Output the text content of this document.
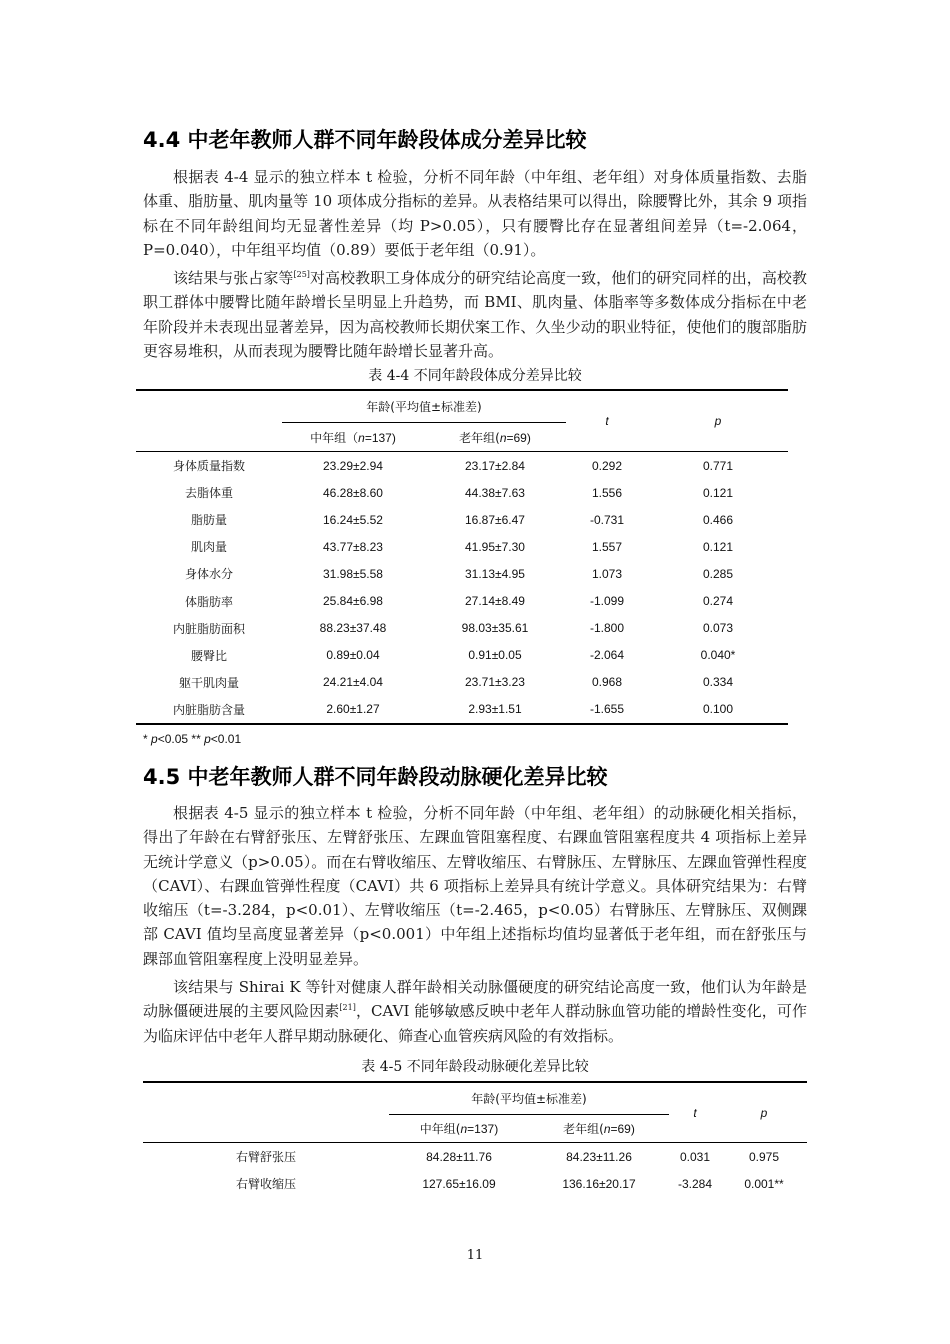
4.4 中老年教师人群不同年龄段体成分差异比较

根据表 4-4 显示的独立样本 t 检验，分析不同年龄（中年组、老年组）对身体质量指数、去脂体重、脂肪量、肌肉量等 10 项体成分指标的差异。从表格结果可以得出，除腰臀比外，其余 9 项指标在不同年龄组间均无显著性差异（均 P>0.05），只有腰臀比存在显著组间差异（t=-2.064，P=0.040），中年组平均值（0.89）要低于老年组（0.91）。

该结果与张占家等[25]对高校教职工身体成分的研究结论高度一致，他们的研究同样的出，高校教职工群体中腰臀比随年龄增长呈明显上升趋势，而 BMI、肌肉量、体脂率等多数体成分指标在中老年阶段并未表现出显著差异，因为高校教师长期伏案工作、久坐少动的职业特征，使他们的腹部脂肪更容易堆积，从而表现为腰臀比随年龄增长显著升高。

表 4-4 不同年龄段体成分差异比较

	年龄(平均值±标准差)		t	p
	中年组（n=137)	老年组(n=69)		
身体质量指数	23.29±2.94	23.17±2.84	0.292	0.771
去脂体重	46.28±8.60	44.38±7.63	1.556	0.121
脂肪量	16.24±5.52	16.87±6.47	-0.731	0.466
肌肉量	43.77±8.23	41.95±7.30	1.557	0.121
身体水分	31.98±5.58	31.13±4.95	1.073	0.285
体脂肪率	25.84±6.98	27.14±8.49	-1.099	0.274
内脏脂肪面积	88.23±37.48	98.03±35.61	-1.800	0.073
腰臀比	0.89±0.04	0.91±0.05	-2.064	0.040*
躯干肌肉量	24.21±4.04	23.71±3.23	0.968	0.334
内脏脂肪含量	2.60±1.27	2.93±1.51	-1.655	0.100

* p<0.05 ** p<0.01

4.5 中老年教师人群不同年龄段动脉硬化差异比较

根据表 4-5 显示的独立样本 t 检验，分析不同年龄（中年组、老年组）的动脉硬化相关指标，得出了年龄在右臂舒张压、左臂舒张压、左踝血管阻塞程度、右踝血管阻塞程度共 4 项指标上差异无统计学意义（p>0.05）。而在右臂收缩压、左臂收缩压、右臂脉压、左臂脉压、左踝血管弹性程度（CAVI）、右踝血管弹性程度（CAVI）共 6 项指标上差异具有统计学意义。具体研究结果为：右臂收缩压（t=-3.284，p<0.01）、左臂收缩压（t=-2.465，p<0.05）右臂脉压、左臂脉压、双侧踝部 CAVI 值均呈高度显著差异（p<0.001）中年组上述指标均值均显著低于老年组，而在舒张压与踝部血管阻塞程度上没明显差异。

该结果与 Shirai K 等针对健康人群年龄相关动脉僵硬度的研究结论高度一致，他们认为年龄是动脉僵硬进展的主要风险因素[21]，CAVI 能够敏感反映中老年人群动脉血管功能的增龄性变化，可作为临床评估中老年人群早期动脉硬化、筛查心血管疾病风险的有效指标。

表 4-5 不同年龄段动脉硬化差异比较

	年龄(平均值±标准差)		t	p
	中年组(n=137)	老年组(n=69)		
右臂舒张压	84.28±11.76	84.23±11.26	0.031	0.975
右臂收缩压	127.65±16.09	136.16±20.17	-3.284	0.001**
11
